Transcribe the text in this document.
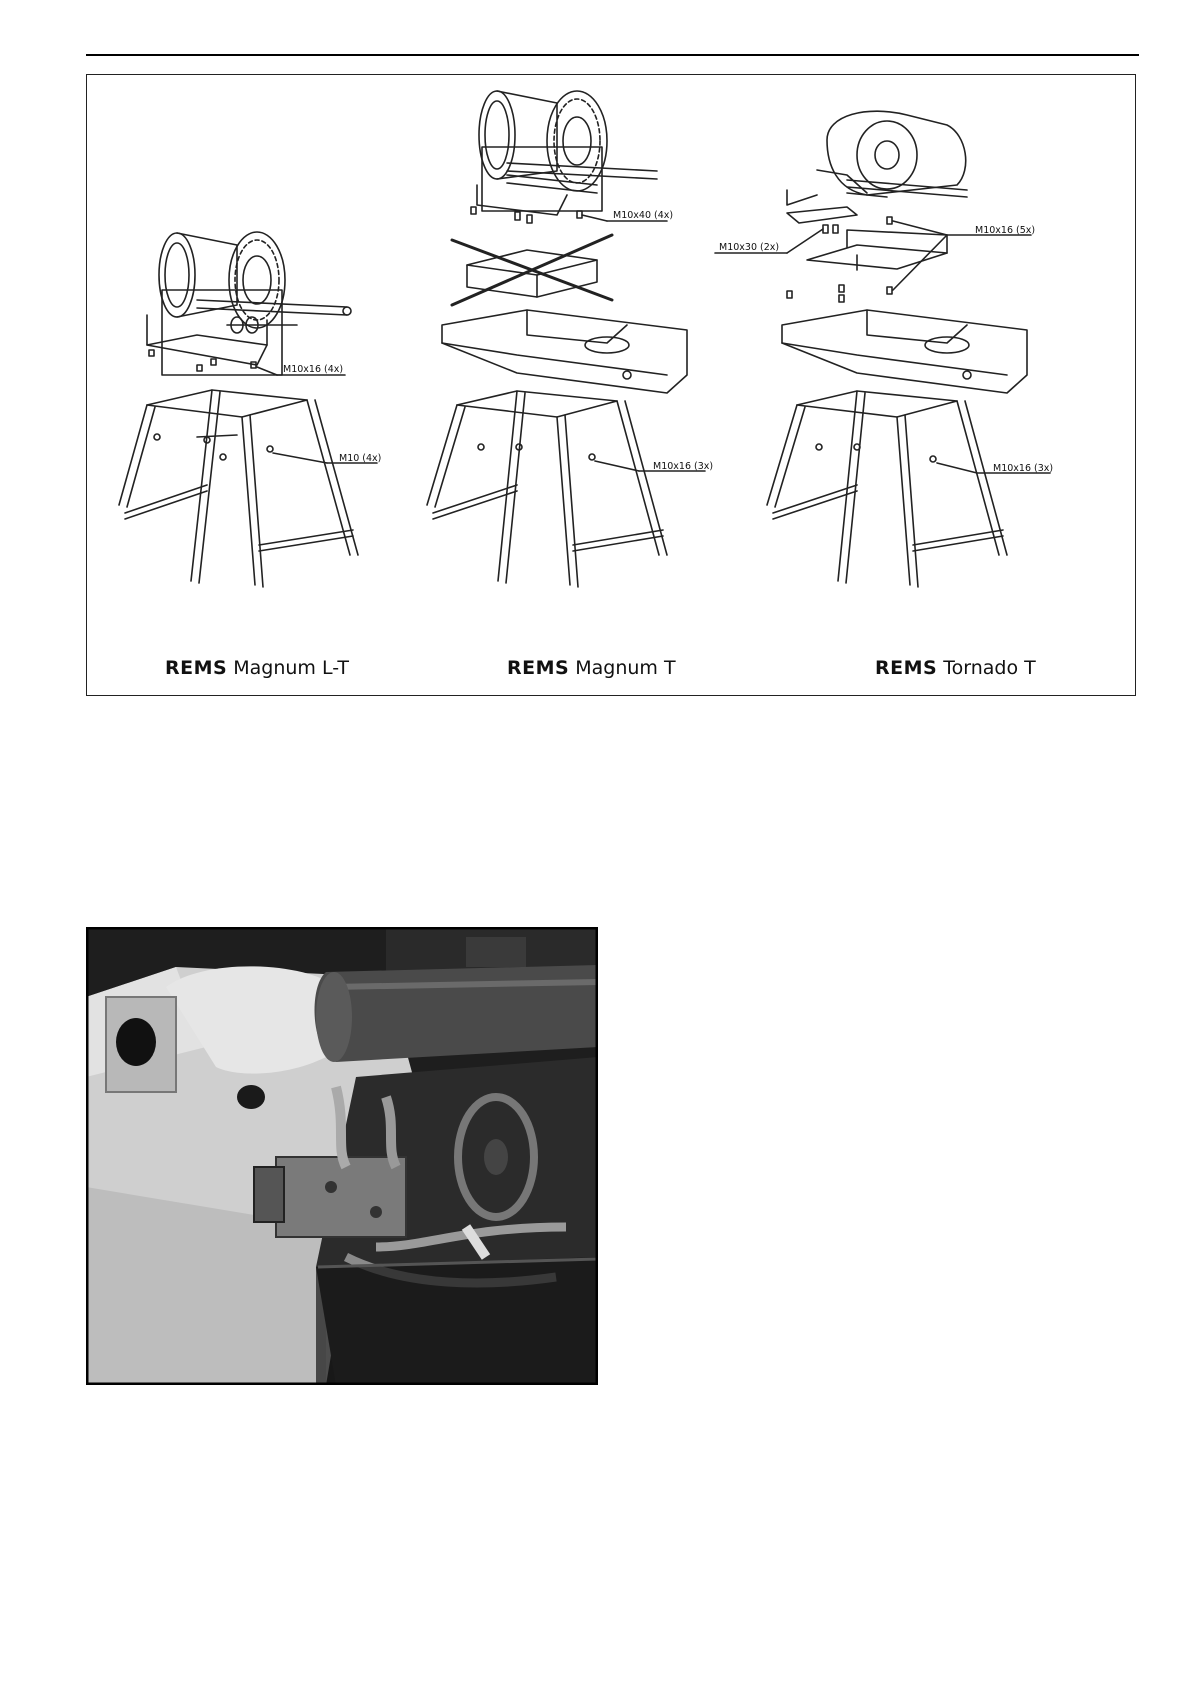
M10x16 (4x)
M10 (4x)
M10x40 (4x)
M10x16 (3x)
M10x30 (2x)
M10x16 (5x)
M10x16 (3x)
REMS Magnum L-T	REMS Magnum T	REMS Tornado T
